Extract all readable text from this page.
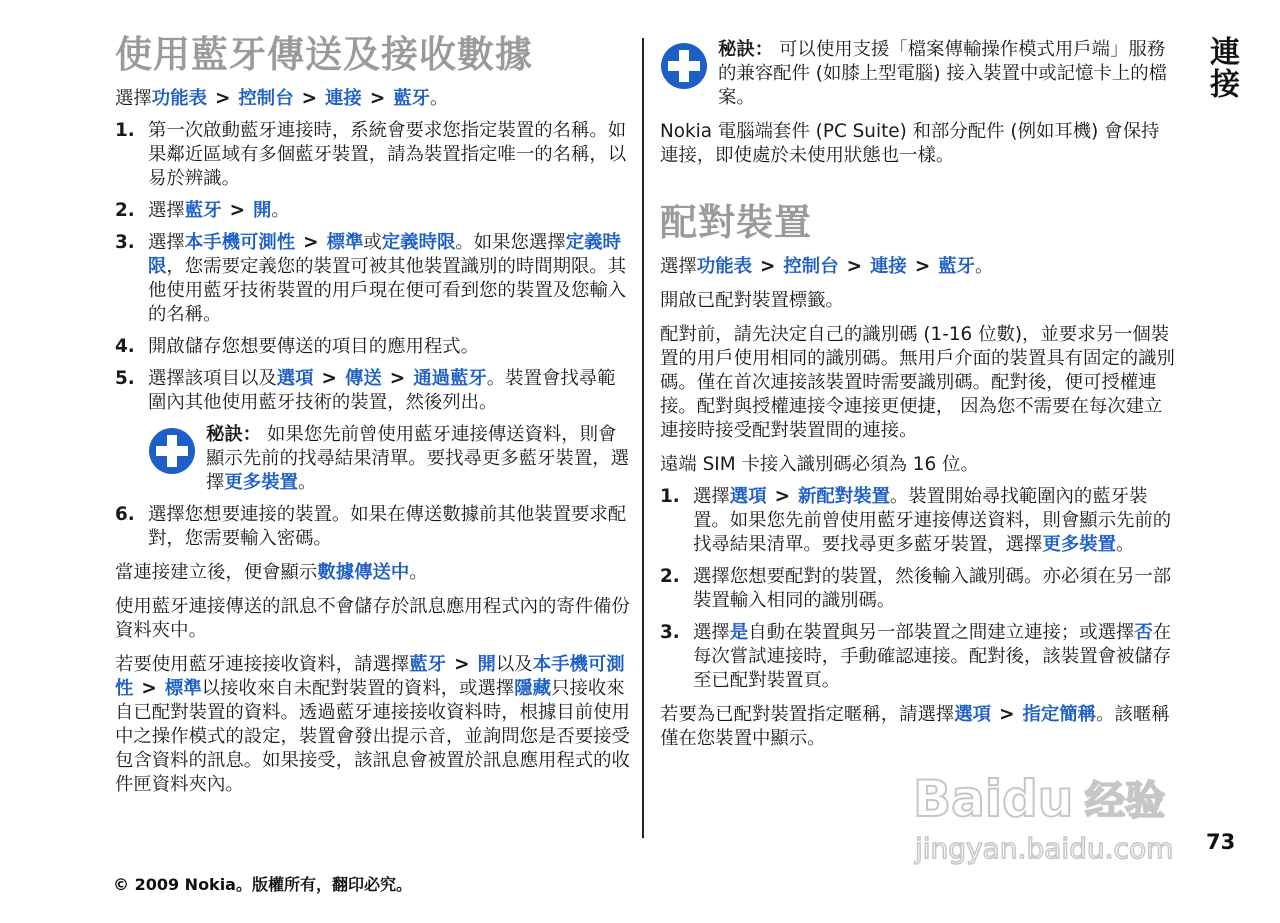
連接
73
© 2009 Nokia。版權所有，翻印必究。
使用藍牙傳送及接收數據

選擇功能表 > 控制台 > 連接 > 藍牙。

1. 第一次啟動藍牙連接時，系統會要求您指定裝置的名稱。如果鄰近區域有多個藍牙裝置，請為裝置指定唯一的名稱，以易於辨識。
2. 選擇藍牙 > 開。
3. 選擇本手機可測性 > 標準或定義時限。如果您選擇定義時限，您需要定義您的裝置可被其他裝置識別的時間期限。其他使用藍牙技術裝置的用戶現在便可看到您的裝置及您輸入的名稱。
4. 開啟儲存您想要傳送的項目的應用程式。
5. 選擇該項目以及選項 > 傳送 > 通過藍牙。裝置會找尋範圍內其他使用藍牙技術的裝置，然後列出。

秘訣： 如果您先前曾使用藍牙連接傳送資料，則會顯示先前的找尋結果清單。要找尋更多藍牙裝置，選擇更多裝置。

6. 選擇您想要連接的裝置。如果在傳送數據前其他裝置要求配對，您需要輸入密碼。

當連接建立後，便會顯示數據傳送中。

使用藍牙連接傳送的訊息不會儲存於訊息應用程式內的寄件備份資料夾中。

若要使用藍牙連接接收資料，請選擇藍牙 > 開以及本手機可測性 > 標準以接收來自未配對裝置的資料，或選擇隱藏只接收來自已配對裝置的資料。透過藍牙連接接收資料時，根據目前使用中之操作模式的設定，裝置會發出提示音，並詢問您是否要接受包含資料的訊息。如果接受，該訊息會被置於訊息應用程式的收件匣資料夾內。

秘訣： 可以使用支援「檔案傳輸操作模式用戶端」服務的兼容配件 (如膝上型電腦) 接入裝置中或記憶卡上的檔案。

Nokia 電腦端套件 (PC Suite) 和部分配件 (例如耳機) 會保持連接，即使處於未使用狀態也一樣。

配對裝置

選擇功能表 > 控制台 > 連接 > 藍牙。

開啟已配對裝置標籤。

配對前，請先決定自己的識別碼 (1-16 位數)，並要求另一個裝置的用戶使用相同的識別碼。無用戶介面的裝置具有固定的識別碼。僅在首次連接該裝置時需要識別碼。配對後，便可授權連接。配對與授權連接令連接更便捷， 因為您不需要在每次建立連接時接受配對裝置間的連接。

遠端 SIM 卡接入識別碼必須為 16 位。

1. 選擇選項 > 新配對裝置。裝置開始尋找範圍內的藍牙裝置。如果您先前曾使用藍牙連接傳送資料，則會顯示先前的找尋結果清單。要找尋更多藍牙裝置，選擇更多裝置。
2. 選擇您想要配對的裝置，然後輸入識別碼。亦必須在另一部裝置輸入相同的識別碼。
3. 選擇是自動在裝置與另一部裝置之間建立連接；或選擇否在每次嘗試連接時，手動確認連接。配對後，該裝置會被儲存至已配對裝置頁。

若要為已配對裝置指定暱稱，請選擇選項 > 指定簡稱。該暱稱僅在您裝置中顯示。

Baidu 经验
jingyan.baidu.com
